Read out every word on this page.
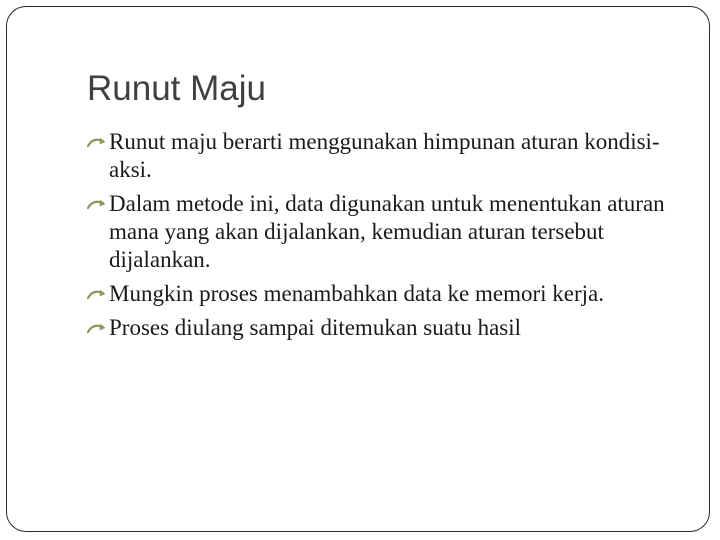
Runut Maju
Runut maju berarti menggunakan himpunan aturan kondisi-aksi.
Dalam metode ini, data digunakan untuk menentukan aturan mana yang akan dijalankan, kemudian aturan tersebut dijalankan.
Mungkin proses menambahkan data ke memori kerja.
Proses diulang sampai ditemukan suatu hasil
